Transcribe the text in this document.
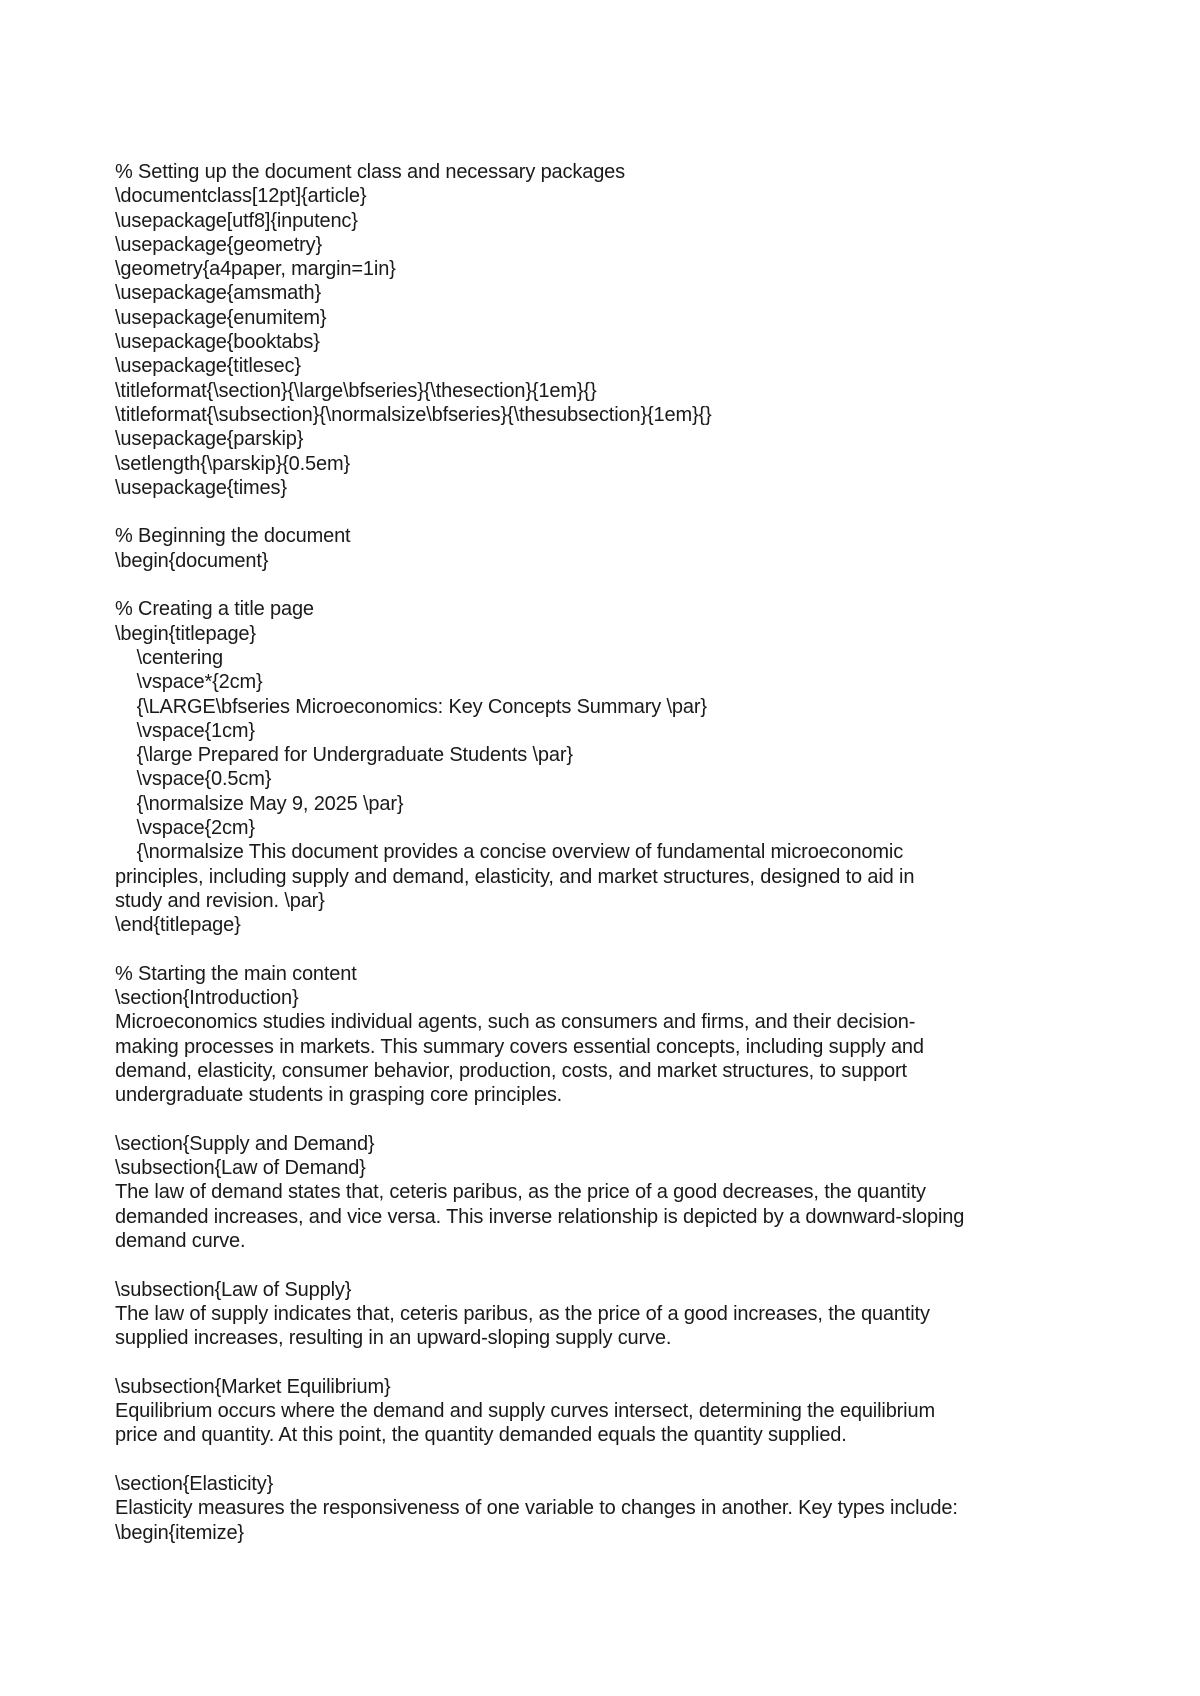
% Setting up the document class and necessary packages
\documentclass[12pt]{article}
\usepackage[utf8]{inputenc}
\usepackage{geometry}
\geometry{a4paper, margin=1in}
\usepackage{amsmath}
\usepackage{enumitem}
\usepackage{booktabs}
\usepackage{titlesec}
\titleformat{\section}{\large\bfseries}{\thesection}{1em}{}
\titleformat{\subsection}{\normalsize\bfseries}{\thesubsection}{1em}{}
\usepackage{parskip}
\setlength{\parskip}{0.5em}
\usepackage{times}
% Beginning the document
\begin{document}
% Creating a title page
\begin{titlepage}
\centering
\vspace*{2cm}
{\LARGE\bfseries Microeconomics: Key Concepts Summary \par}
\vspace{1cm}
{\large Prepared for Undergraduate Students \par}
\vspace{0.5cm}
{\normalsize May 9, 2025 \par}
\vspace{2cm}
{\normalsize This document provides a concise overview of fundamental microeconomic
principles, including supply and demand, elasticity, and market structures, designed to aid in
study and revision. \par}
\end{titlepage}
% Starting the main content
\section{Introduction}
Microeconomics studies individual agents, such as consumers and firms, and their decision-
making processes in markets. This summary covers essential concepts, including supply and
demand, elasticity, consumer behavior, production, costs, and market structures, to support
undergraduate students in grasping core principles.
\section{Supply and Demand}
\subsection{Law of Demand}
The law of demand states that, ceteris paribus, as the price of a good decreases, the quantity
demanded increases, and vice versa. This inverse relationship is depicted by a downward-sloping
demand curve.
\subsection{Law of Supply}
The law of supply indicates that, ceteris paribus, as the price of a good increases, the quantity
supplied increases, resulting in an upward-sloping supply curve.
\subsection{Market Equilibrium}
Equilibrium occurs where the demand and supply curves intersect, determining the equilibrium
price and quantity. At this point, the quantity demanded equals the quantity supplied.
\section{Elasticity}
Elasticity measures the responsiveness of one variable to changes in another. Key types include:
\begin{itemize}
